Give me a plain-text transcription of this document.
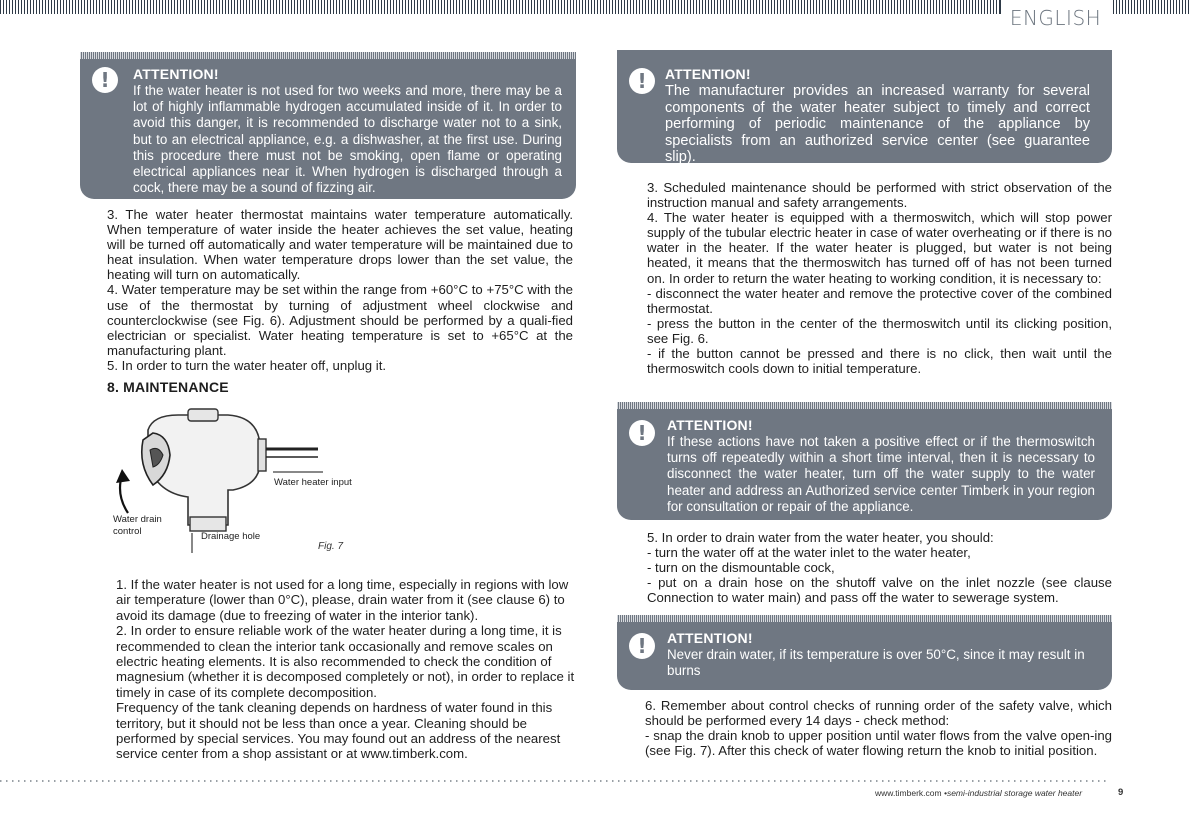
ENGLISH
!	ATTENTION!
If the water heater is not used for two weeks and more, there may be a lot of highly inflammable hydrogen accumulated inside of it. In order to avoid this danger, it is recommended to discharge water not to a sink, but to an electrical appliance, e.g. a dishwasher, at the first use. During this procedure there must not be smoking, open flame or operating electrical appliances near it. When hydrogen is discharged through a cock, there may be a sound of fizzing air.

3. The water heater thermostat maintains water temperature automatically. When temperature of water inside the heater achieves the set value, heating will be turned off automatically and water temperature will be maintained due to heat insulation. When water temperature drops lower than the set value, the heating will turn on automatically.

4. Water temperature may be set within the range from +60°C to +75°C with the use of the thermostat by turning of adjustment wheel clockwise and counterclockwise (see Fig. 6). Adjustment should be performed by a quali-fied electrician or specialist. Water heating temperature is set to +65°C at the manufacturing plant.

5. In order to turn the water heater off, unplug it.

8. MAINTENANCE
Water heater input
Water drain
control	Drainage hole
Fig. 7

1. If the water heater is not used for a long time, especially in regions with low air temperature (lower than 0°C), please, drain water from it (see clause 6) to avoid its damage (due to freezing of water in the interior tank).

2. In order to ensure reliable work of the water heater during a long time, it is recommended to clean the interior tank occasionally and remove scales on electric heating elements. It is also recommended to check the condition of magnesium (whether it is decomposed completely or not), in order to replace it timely in case of its complete decomposition.

Frequency of the tank cleaning depends on hardness of water found in this territory, but it should not be less than once a year. Cleaning should be performed by special services. You may found out an address of the nearest service center from a shop assistant or at www.timberk.com.

!	ATTENTION!
The manufacturer provides an increased warranty for several components of the water heater subject to timely and correct performing of periodic maintenance of the appliance by specialists from an authorized service center (see guarantee slip).

3. Scheduled maintenance should be performed with strict observation of the instruction manual and safety arrangements.

4. The water heater is equipped with a thermoswitch, which will stop power supply of the tubular electric heater in case of water overheating or if there is no water in the heater. If the water heater is plugged, but water is not being heated, it means that the thermoswitch has turned off of has not been turned on. In order to return the water heating to working condition, it is necessary to:

- disconnect the water heater and remove the protective cover of the combined thermostat.

- press the button in the center of the thermoswitch until its clicking position, see Fig. 6.

- if the button cannot be pressed and there is no click, then wait until the thermoswitch cools down to initial temperature.

!	ATTENTION!
If these actions have not taken a positive effect or if the thermoswitch turns off repeatedly within a short time interval, then it is necessary to disconnect the water heater, turn off the water supply to the water heater and address an Authorized service center Timberk in your region for consultation or repair of the appliance.

5. In order to drain water from the water heater, you should:

- turn the water off at the water inlet to the water heater,

- turn on the dismountable cock,

- put on a drain hose on the shutoff valve on the inlet nozzle (see clause Connection to water main) and pass off the water to sewerage system.

!	ATTENTION!
Never drain water, if its temperature is over 50°C, since it may result in burns

6. Remember about control checks of running order of the safety valve, which should be performed every 14 days - check method:

- snap the drain knob to upper position until water flows from the valve open-ing (see Fig. 7). After this check of water flowing return the knob to initial position.

www.timberk.com •semi-industrial storage water heater	9
